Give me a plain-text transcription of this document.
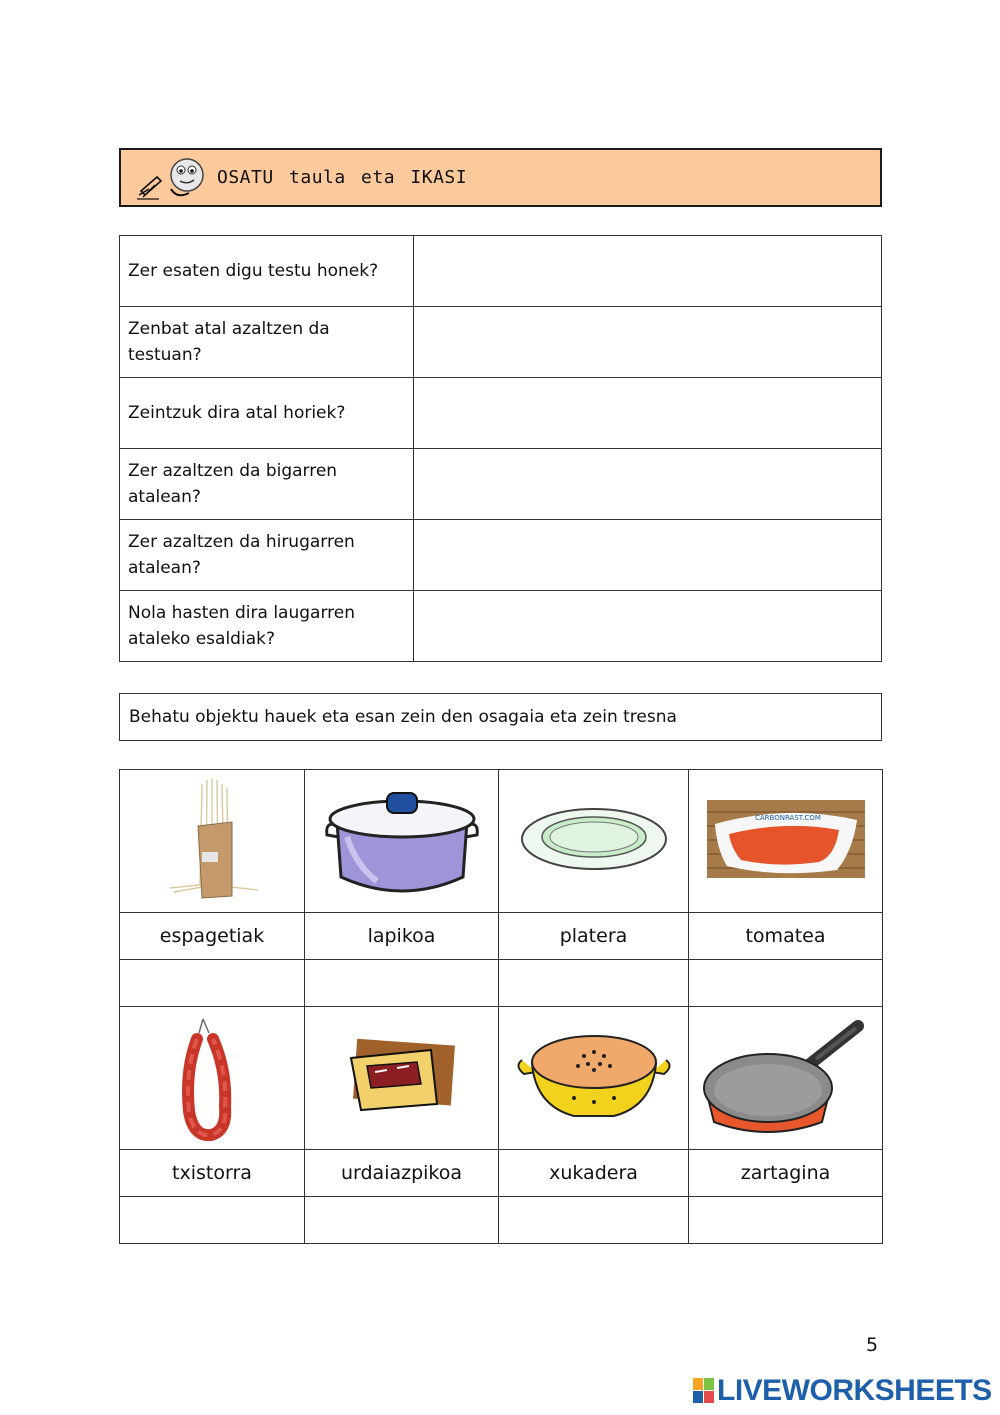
OSATU taula eta IKASI
Zer esaten digu testu honek?	
Zenbat atal azaltzen da testuan?	
Zeintzuk dira atal horiek?	
Zer azaltzen da bigarren atalean?	
Zer azaltzen da hirugarren atalean?	
Nola hasten dira laugarren ataleko esaldiak?	
Behatu objektu hauek eta esan zein den osagaia eta zein tresna

CARBONRAST.COM

espagetiak	lapikoa	platera	tomatea

txistorra	urdaiazpikoa	xukadera	zartagina

5
LIVEWORKSHEETS
